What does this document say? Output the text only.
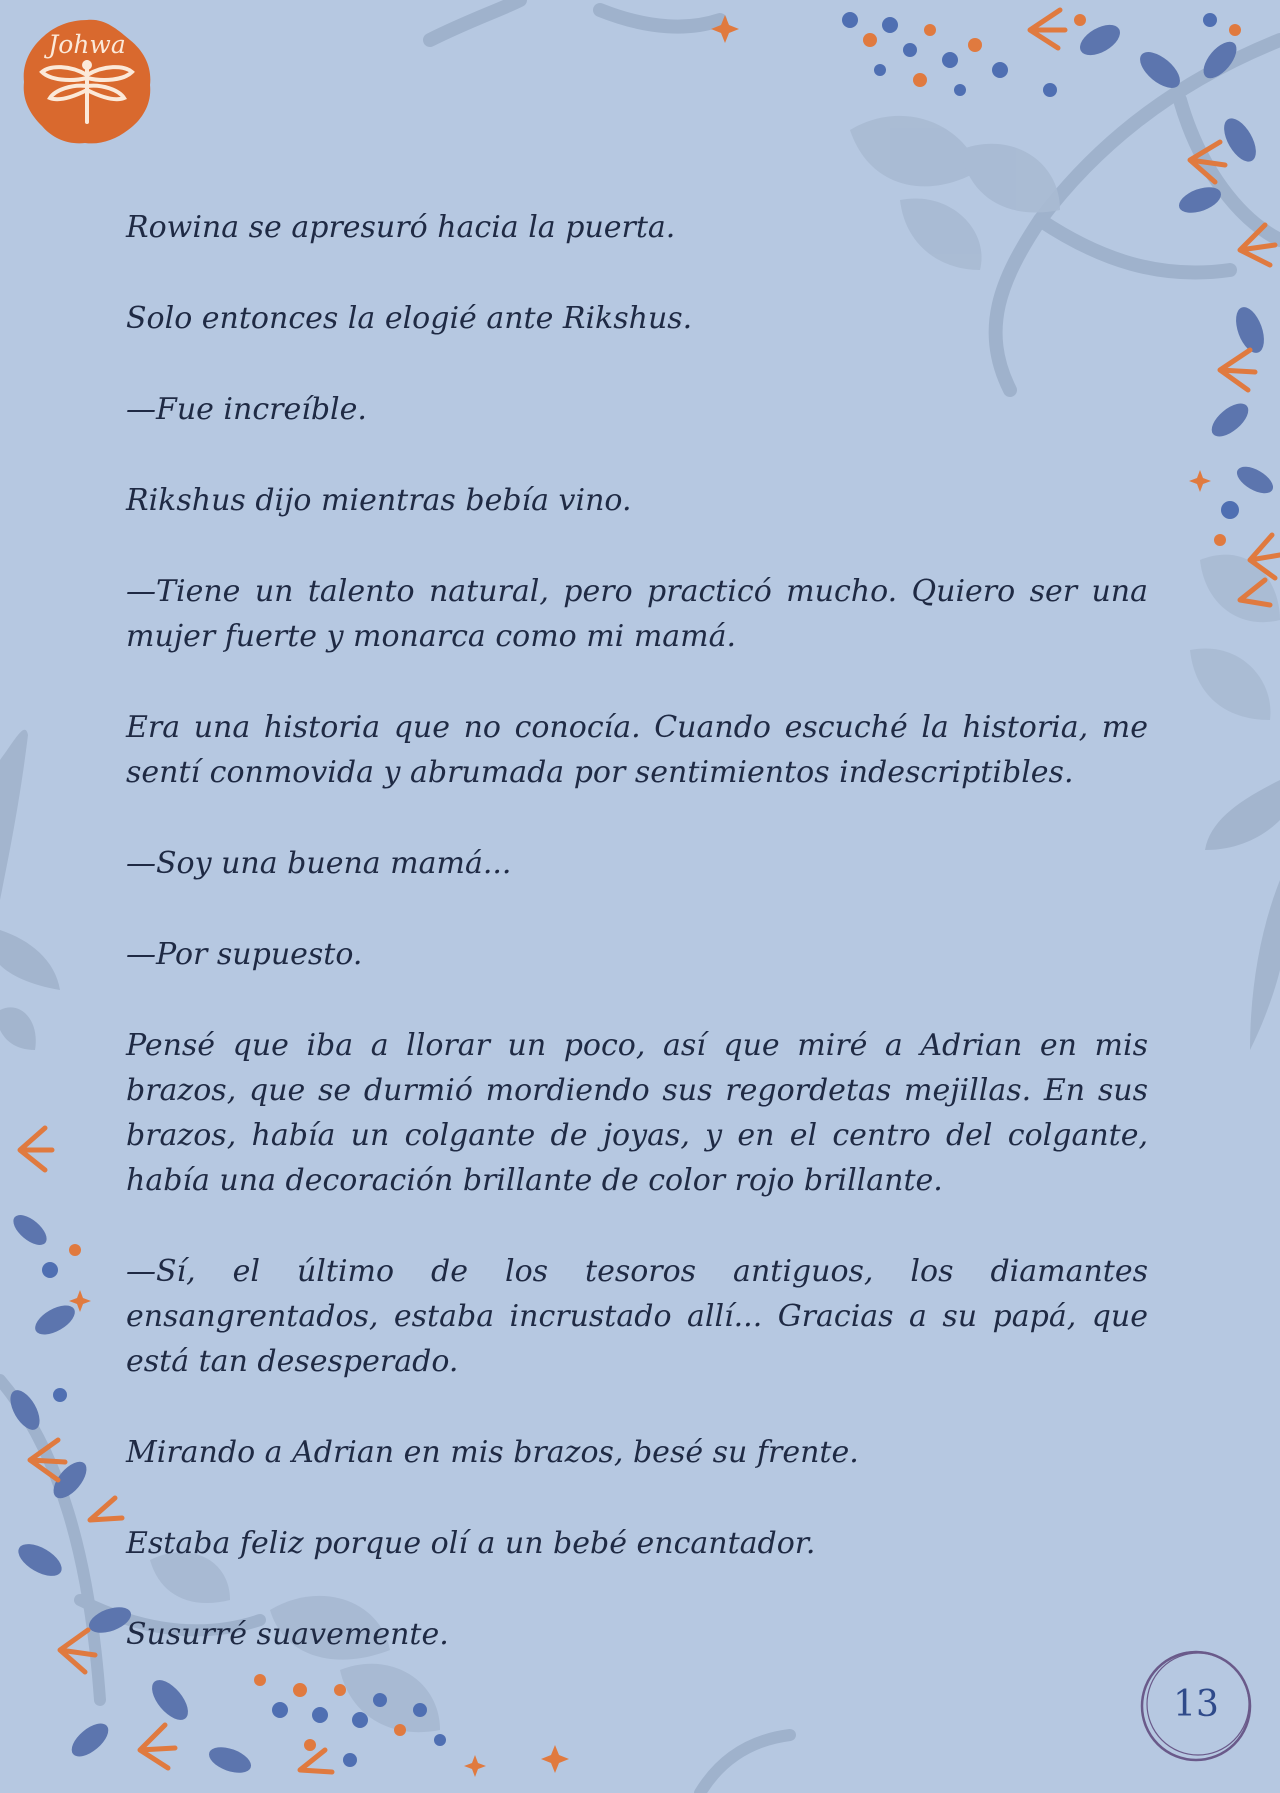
Johwa

Rowina se apresuró hacia la puerta.

Solo entonces la elogié ante Rikshus.

—Fue increíble.

Rikshus dijo mientras bebía vino.

—Tiene un talento natural, pero practicó mucho. Quiero ser una mujer fuerte y monarca como mi mamá.

Era una historia que no conocía. Cuando escuché la historia, me sentí conmovida y abrumada por sentimientos indescriptibles.

—Soy una buena mamá...

—Por supuesto.

Pensé que iba a llorar un poco, así que miré a Adrian en mis brazos, que se durmió mordiendo sus regordetas mejillas. En sus brazos, había un colgante de joyas, y en el centro del colgante, había una decoración brillante de color rojo brillante.

—Sí, el último de los tesoros antiguos, los diamantes ensangrentados, estaba incrustado allí... Gracias a su papá, que está tan desesperado.

Mirando a Adrian en mis brazos, besé su frente.

Estaba feliz porque olí a un bebé encantador.

Susurré suavemente.

13
